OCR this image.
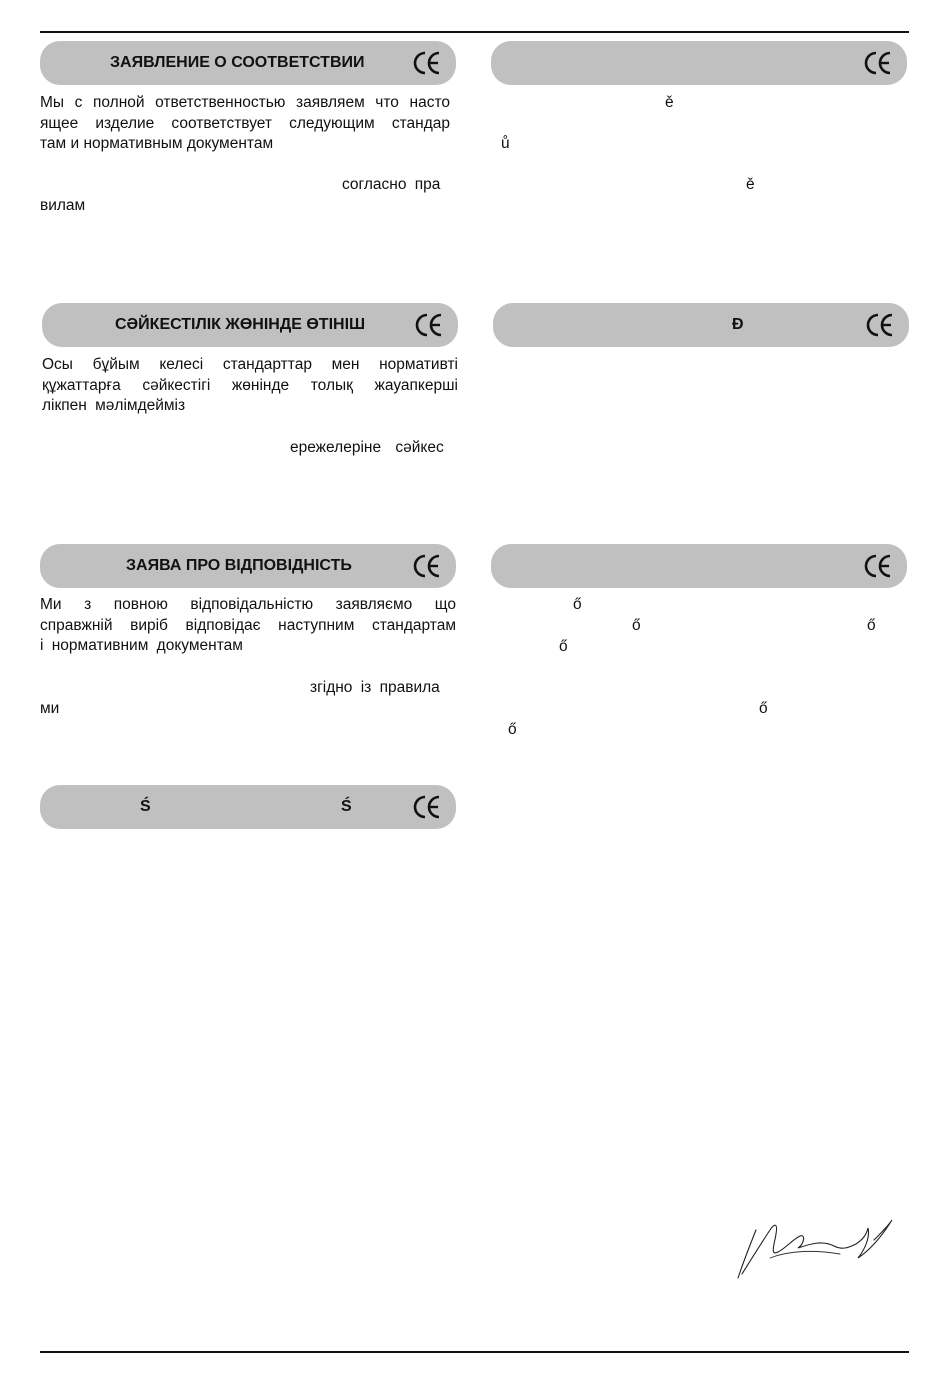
ЗАЯВЛЕНИЕ О СООТВЕТСТВИИ
Мы с полной ответственностью заявляем что насто
ящее изделие соответствует следующим стандар
там и нормативным документам
согласно пра
вилам
ě
ů
ě
СӘЙКЕСТІЛІК ЖӨНІНДЕ ӨТІНІШ
Осы бұйым келесі стандарттар мен нормативті
құжаттарға сәйкестігі жөнінде толық жауапкерші
лікпен мәлімдейміз
ережелеріне сәйкес
Đ
ЗАЯВА ПРО ВІДПОВІДНІСТЬ
Ми з повною відповідальністю заявляємо що
справжній виріб відповідає наступним стандартам
і нормативним документам
згідно із правила
ми
ő
ő	ő
ő
ő
ő
Ś	Ś
